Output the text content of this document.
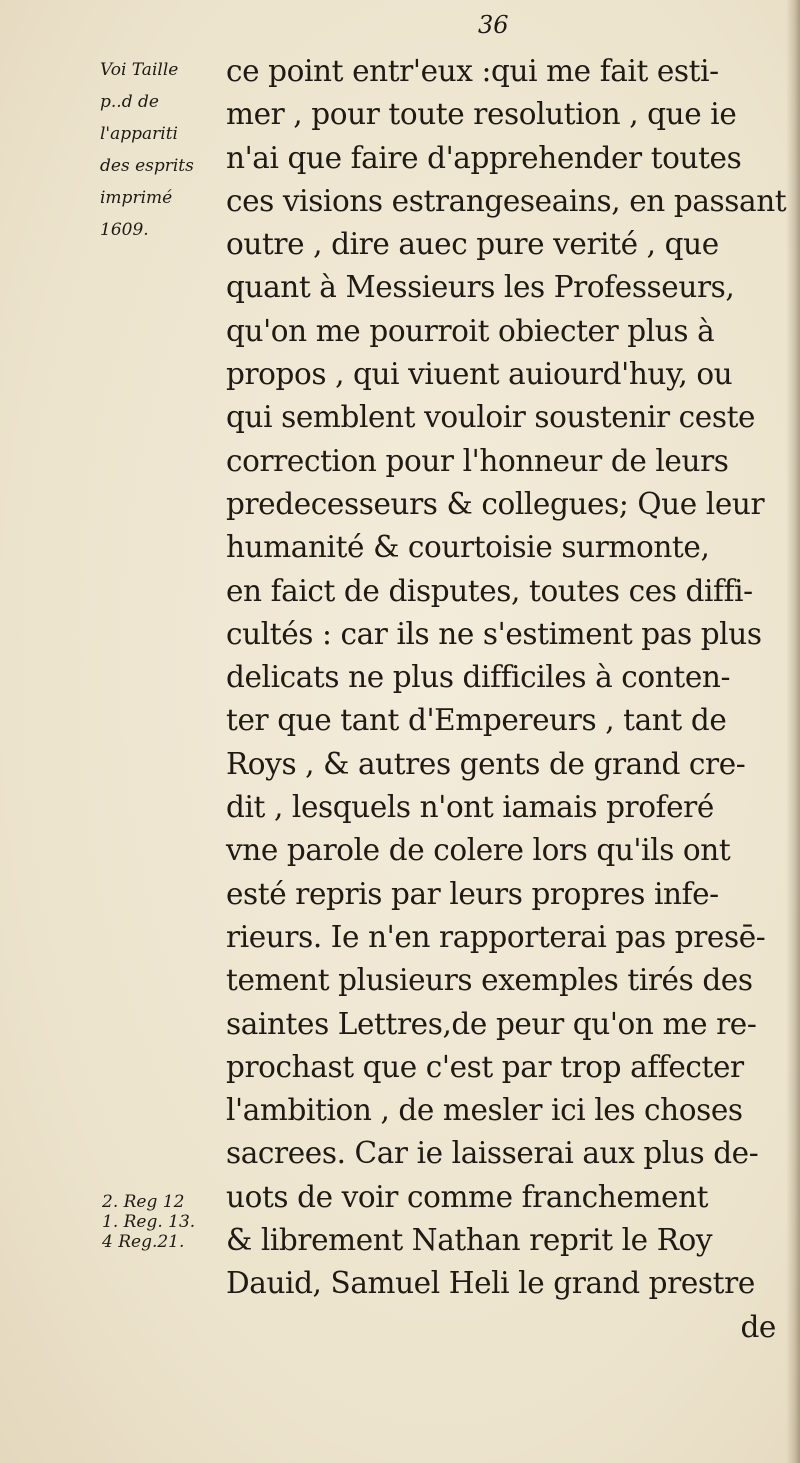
36

Voi Taille
p..d de
l'appariti
des esprits
imprimé
1609.
ce point entr'eux :qui me fait esti-
mer , pour toute resolution , que ie
n'ai que faire d'apprehender toutes
ces visions estrangeseains, en passant
outre , dire auec pure verité , que
quant à Messieurs les Professeurs,
qu'on me pourroit obiecter plus à
propos , qui viuent auiourd'huy, ou
qui semblent vouloir soustenir ceste
correction pour l'honneur de leurs
predecesseurs & collegues; Que leur
humanité & courtoisie surmonte,
en faict de disputes, toutes ces diffi-
cultés : car ils ne s'estiment pas plus
delicats ne plus difficiles à conten-
ter que tant d'Empereurs , tant de
Roys , & autres gents de grand cre-
dit , lesquels n'ont iamais proferé
vne parole de colere lors qu'ils ont
esté repris par leurs propres infe-
rieurs. Ie n'en rapporterai pas presē-
tement plusieurs exemples tirés des
saintes Lettres,de peur qu'on me re-
prochast que c'est par trop affecter
l'ambition , de mesler ici les choses
sacrees. Car ie laisserai aux plus de-
uots de voir comme franchement
& librement Nathan reprit le Roy
Dauid, Samuel Heli le grand prestre
de
2. Reg 12
1. Reg. 13.
4 Reg.21.
